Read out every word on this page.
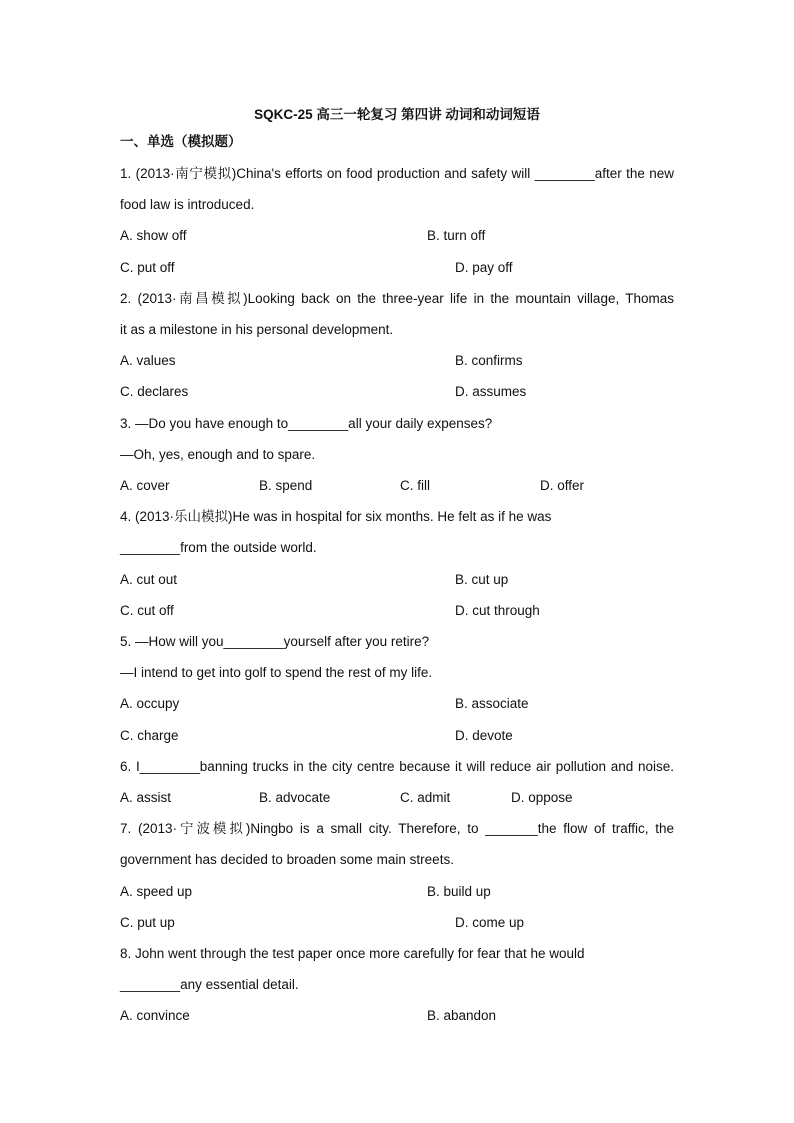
SQKC-25 高三一轮复习 第四讲 动词和动词短语
一、单选（模拟题）
1. (2013·南宁模拟)China's efforts on food production and safety will ________after the new
food law is introduced.
A. show off	B. turn off
C. put off	D. pay off
2. (2013·南昌模拟)Looking back on the three-year life in the mountain village, Thomas
it as a milestone in his personal development.
A. values	B. confirms
C. declares	D. assumes
3. —Do you have enough to________all your daily expenses?
—Oh, yes, enough and to spare.
A. cover	B. spend	C. fill	D. offer
4. (2013·乐山模拟)He was in hospital for six months. He felt as if he was
________from the outside world.
A. cut out	B. cut up
C. cut off	D. cut through
5. —How will you________yourself after you retire?
—I intend to get into golf to spend the rest of my life.
A. occupy	B. associate
C. charge	D. devote
6. I________banning trucks in the city centre because it will reduce air pollution and noise.
A. assist	B. advocate	C. admit	D. oppose
7. (2013·宁波模拟)Ningbo is a small city. Therefore, to _______the flow of traffic, the
government has decided to broaden some main streets.
A. speed up	B. build up
C. put up	D. come up
8. John went through the test paper once more carefully for fear that he would
________any essential detail.
A. convince	B. abandon
